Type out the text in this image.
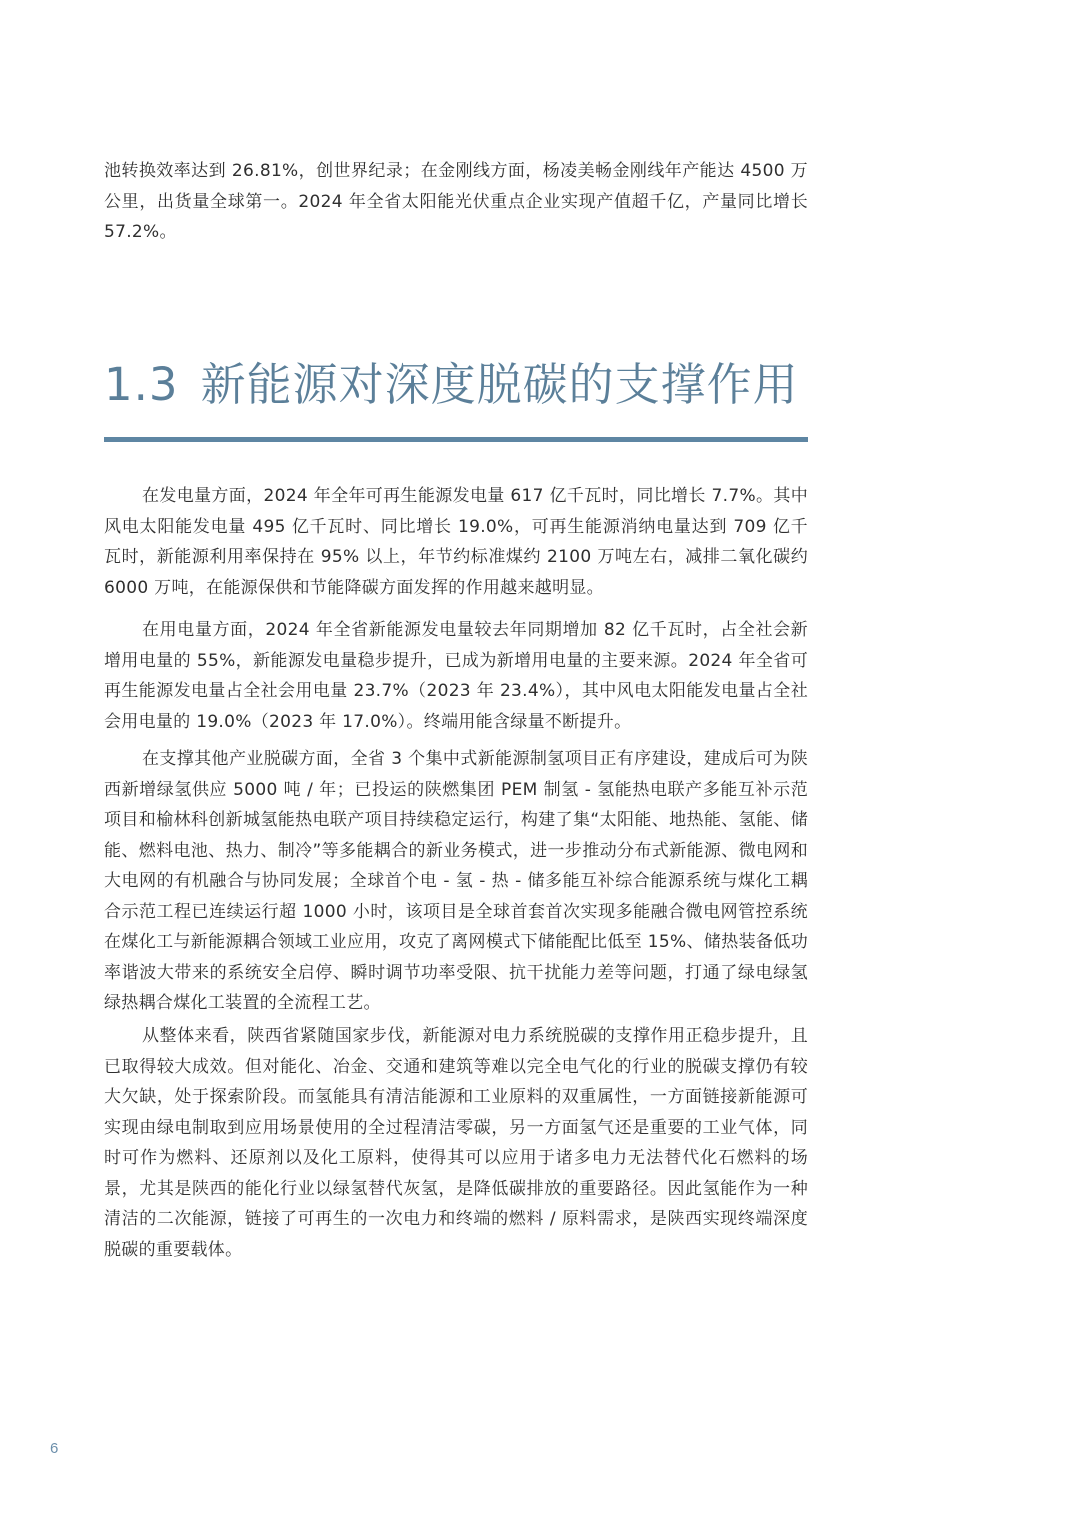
池转换效率达到 26.81%，创世界纪录；在金刚线方面，杨凌美畅金刚线年产能达 4500 万公里，出货量全球第一。2024 年全省太阳能光伏重点企业实现产值超千亿，产量同比增长 57.2%。

1.3 新能源对深度脱碳的支撑作用

在发电量方面，2024 年全年可再生能源发电量 617 亿千瓦时，同比增长 7.7%。其中风电太阳能发电量 495 亿千瓦时、同比增长 19.0%，可再生能源消纳电量达到 709 亿千瓦时，新能源利用率保持在 95% 以上，年节约标准煤约 2100 万吨左右，减排二氧化碳约 6000 万吨，在能源保供和节能降碳方面发挥的作用越来越明显。

在用电量方面，2024 年全省新能源发电量较去年同期增加 82 亿千瓦时，占全社会新增用电量的 55%，新能源发电量稳步提升，已成为新增用电量的主要来源。2024 年全省可再生能源发电量占全社会用电量 23.7%（2023 年 23.4%），其中风电太阳能发电量占全社会用电量的 19.0%（2023 年 17.0%）。终端用能含绿量不断提升。

在支撑其他产业脱碳方面，全省 3 个集中式新能源制氢项目正有序建设，建成后可为陕西新增绿氢供应 5000 吨 / 年；已投运的陕燃集团 PEM 制氢 - 氢能热电联产多能互补示范项目和榆林科创新城氢能热电联产项目持续稳定运行，构建了集“太阳能、地热能、氢能、储能、燃料电池、热力、制冷”等多能耦合的新业务模式，进一步推动分布式新能源、微电网和大电网的有机融合与协同发展；全球首个电 - 氢 - 热 - 储多能互补综合能源系统与煤化工耦合示范工程已连续运行超 1000 小时，该项目是全球首套首次实现多能融合微电网管控系统在煤化工与新能源耦合领域工业应用，攻克了离网模式下储能配比低至 15%、储热装备低功率谐波大带来的系统安全启停、瞬时调节功率受限、抗干扰能力差等问题，打通了绿电绿氢绿热耦合煤化工装置的全流程工艺。

从整体来看，陕西省紧随国家步伐，新能源对电力系统脱碳的支撑作用正稳步提升，且已取得较大成效。但对能化、冶金、交通和建筑等难以完全电气化的行业的脱碳支撑仍有较大欠缺，处于探索阶段。而氢能具有清洁能源和工业原料的双重属性，一方面链接新能源可实现由绿电制取到应用场景使用的全过程清洁零碳，另一方面氢气还是重要的工业气体，同时可作为燃料、还原剂以及化工原料，使得其可以应用于诸多电力无法替代化石燃料的场景，尤其是陕西的能化行业以绿氢替代灰氢，是降低碳排放的重要路径。因此氢能作为一种清洁的二次能源，链接了可再生的一次电力和终端的燃料 / 原料需求，是陕西实现终端深度脱碳的重要载体。

6
